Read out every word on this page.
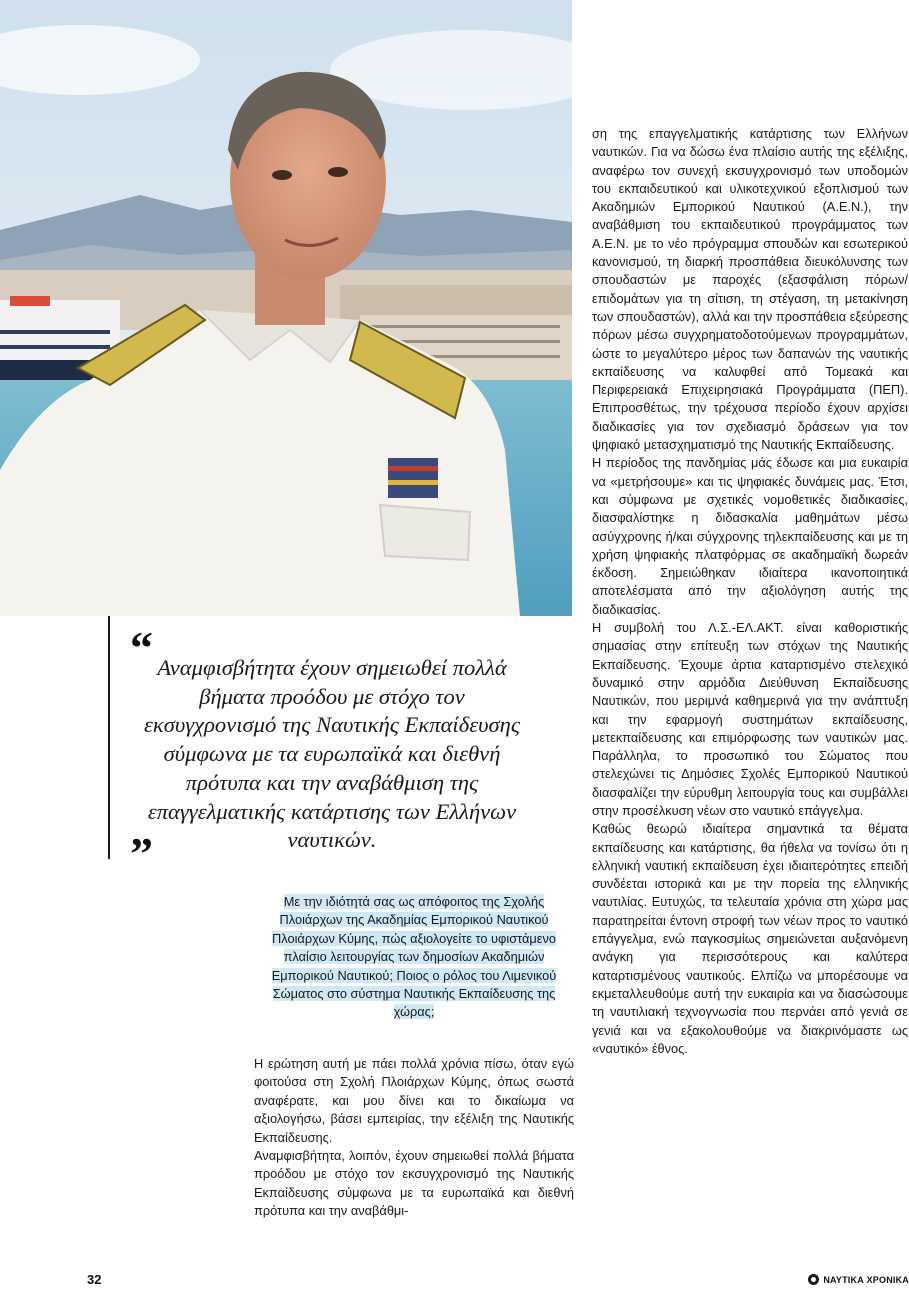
“ Αναμφισβήτητα έχουν σημειωθεί πολλά βήματα προόδου με στόχο τον εκσυγχρονισμό της Ναυτικής Εκπαίδευσης σύμφωνα με τα ευρωπαϊκά και διεθνή πρότυπα και την αναβάθμιση της επαγγελματικής κατάρτισης των Ελλήνων ναυτικών.
”
Με την ιδιότητά σας ως απόφοιτος της Σχολής Πλοιάρχων της Ακαδημίας Εμπορικού Ναυτικού Πλοιάρχων Κύμης, πώς αξιολογείτε το υφιστάμενο πλαίσιο λειτουργίας των δημοσίων Ακαδημιών Εμπορικού Ναυτικού; Ποιος ο ρόλος του Λιμενικού Σώματος στο σύστημα Ναυτικής Εκπαίδευσης της χώρας;

Η ερώτηση αυτή με πάει πολλά χρόνια πίσω, όταν εγώ φοιτούσα στη Σχολή Πλοιάρχων Κύμης, όπως σωστά αναφέρατε, και μου δίνει και το δικαίωμα να αξιολογήσω, βάσει εμπειρίας, την εξέλιξη της Ναυτικής Εκπαίδευσης.

Αναμφισβήτητα, λοιπόν, έχουν σημειωθεί πολλά βήματα προόδου με στόχο τον εκσυγχρονισμό της Ναυτικής Εκπαίδευσης σύμφωνα με τα ευρωπαϊκά και διεθνή πρότυπα και την αναβάθμι-

ση της επαγγελματικής κατάρτισης των Ελλήνων ναυτικών. Για να δώσω ένα πλαίσιο αυτής της εξέλιξης, αναφέρω τον συνεχή εκσυγχρονισμό των υποδομών του εκπαιδευτικού και υλικοτεχνικού εξοπλισμού των Ακαδημιών Εμπορικού Ναυτικού (Α.Ε.Ν.), την αναβάθμιση του εκπαιδευτικού προγράμματος των Α.Ε.Ν. με το νέο πρόγραμμα σπουδών και εσωτερικού κανονισμού, τη διαρκή προσπάθεια διευκόλυνσης των σπουδαστών με παροχές (εξασφάλιση πόρων/επιδομάτων για τη σίτιση, τη στέγαση, τη μετακίνηση των σπουδαστών), αλλά και την προσπάθεια εξεύρεσης πόρων μέσω συγχρηματοδοτούμενων προγραμμάτων, ώστε το μεγαλύτερο μέρος των δαπανών της ναυτικής εκπαίδευσης να καλυφθεί από Τομεακά και Περιφερειακά Επιχειρησιακά Προγράμματα (ΠΕΠ). Επιπροσθέτως, την τρέχουσα περίοδο έχουν αρχίσει διαδικασίες για τον σχεδιασμό δράσεων για τον ψηφιακό μετασχηματισμό της Ναυτικής Εκπαίδευσης.

Η περίοδος της πανδημίας μάς έδωσε και μια ευκαιρία να «μετρήσουμε» και τις ψηφιακές δυνάμεις μας. Έτσι, και σύμφωνα με σχετικές νομοθετικές διαδικασίες, διασφαλίστηκε η διδασκαλία μαθημάτων μέσω ασύγχρονης ή/και σύγχρονης τηλεκπαίδευσης και με τη χρήση ψηφιακής πλατφόρμας σε ακαδημαϊκή δωρεάν έκδοση. Σημειώθηκαν ιδιαίτερα ικανοποιητικά αποτελέσματα από την αξιολόγηση αυτής της διαδικασίας.

Η συμβολή του Λ.Σ.-ΕΛ.ΑΚΤ. είναι καθοριστικής σημασίας στην επίτευξη των στόχων της Ναυτικής Εκπαίδευσης. Έχουμε άρτια καταρτισμένο στελεχικό δυναμικό στην αρμόδια Διεύθυνση Εκπαίδευσης Ναυτικών, που μεριμνά καθημερινά για την ανάπτυξη και την εφαρμογή συστημάτων εκπαίδευσης, μετεκπαίδευσης και επιμόρφωσης των ναυτικών μας. Παράλληλα, το προσωπικό του Σώματος που στελεχώνει τις Δημόσιες Σχολές Εμπορικού Ναυτικού διασφαλίζει την εύρυθμη λειτουργία τους και συμβάλλει στην προσέλκυση νέων στο ναυτικό επάγγελμα.

Καθώς θεωρώ ιδιαίτερα σημαντικά τα θέματα εκπαίδευσης και κατάρτισης, θα ήθελα να τονίσω ότι η ελληνική ναυτική εκπαίδευση έχει ιδιαιτερότητες επειδή συνδέεται ιστορικά και με την πορεία της ελληνικής ναυτιλίας. Ευτυχώς, τα τελευταία χρόνια στη χώρα μας παρατηρείται έντονη στροφή των νέων προς το ναυτικό επάγγελμα, ενώ παγκοσμίως σημειώνεται αυξανόμενη ανάγκη για περισσότερους και καλύτερα καταρτισμένους ναυτικούς. Ελπίζω να μπορέσουμε να εκμεταλλευθούμε αυτή την ευκαιρία και να διασώσουμε τη ναυτιλιακή τεχνογνωσία που περνάει από γενιά σε γενιά και να εξακολουθούμε να διακρινόμαστε ως «ναυτικό» έθνος.

32	ΝΑΥΤΙΚΑ ΧΡΟΝΙΚΑ
